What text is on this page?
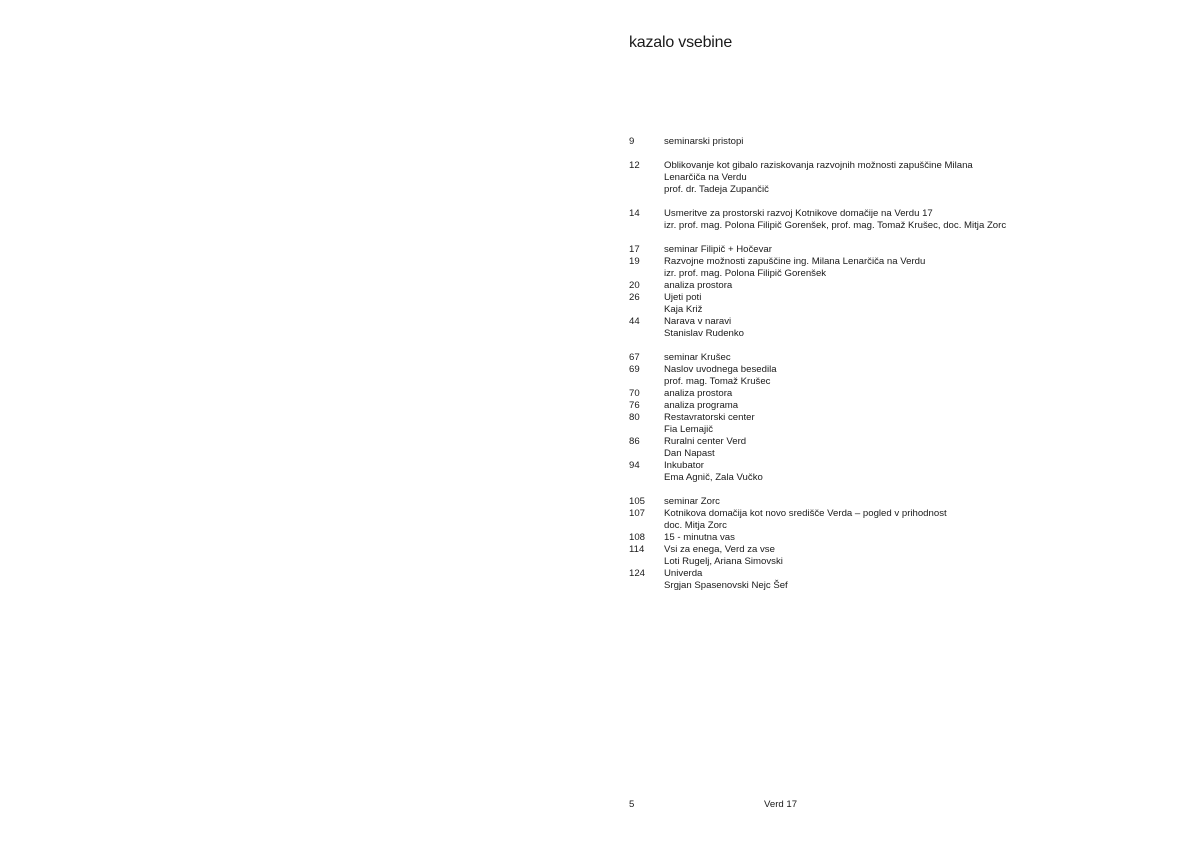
kazalo vsebine
9	seminarski pristopi
12	Oblikovanje kot gibalo raziskovanja razvojnih možnosti zapuščine Milana
Lenarčiča na Verdu
prof. dr. Tadeja Zupančič
14	Usmeritve za prostorski razvoj Kotnikove domačije na Verdu 17
izr. prof. mag. Polona Filipič Gorenšek, prof. mag. Tomaž Krušec, doc. Mitja Zorc
17	seminar Filipič + Hočevar
19	Razvojne možnosti zapuščine ing. Milana Lenarčiča na Verdu
izr. prof. mag. Polona Filipič Gorenšek
20	analiza prostora
26	Ujeti poti
Kaja Križ
44	Narava v naravi
Stanislav Rudenko
67	seminar Krušec
69	Naslov uvodnega besedila
prof. mag. Tomaž Krušec
70	analiza prostora
76	analiza programa
80	Restavratorski center
Fia Lemajič
86	Ruralni center Verd
Dan Napast
94	Inkubator
Ema Agnič, Zala Vučko
105	seminar Zorc
107	Kotnikova domačija kot novo središče Verda – pogled v prihodnost
doc. Mitja Zorc
108	15 - minutna vas
114	Vsi za enega, Verd za vse
Loti Rugelj, Ariana Simovski
124	Univerda
Srgjan Spasenovski Nejc Šef
5	Verd 17
